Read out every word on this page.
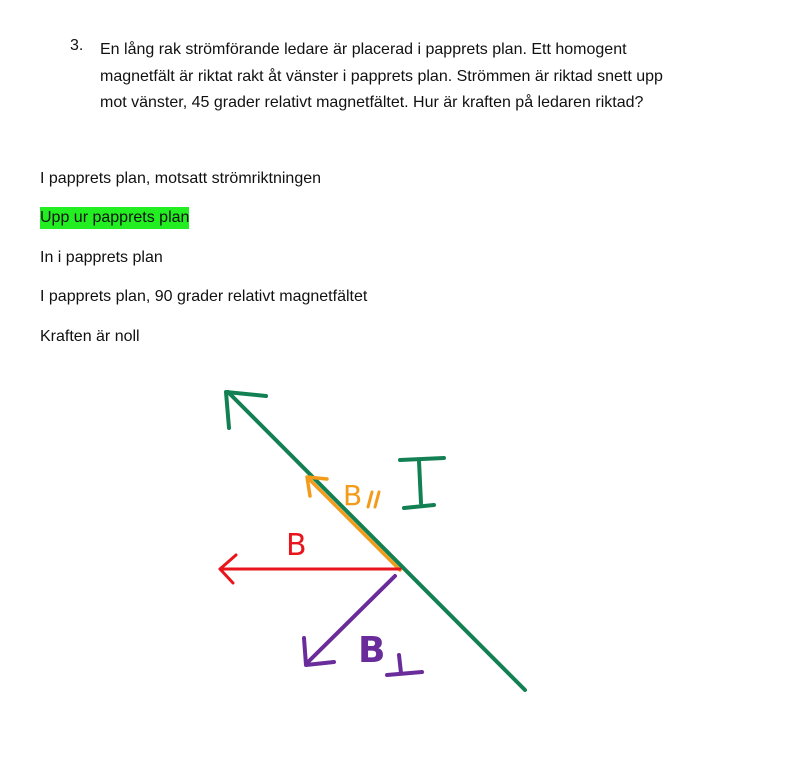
3. En lång rak strömförande ledare är placerad i papprets plan. Ett homogent
magnetfält är riktat rakt åt vänster i papprets plan. Strömmen är riktad snett upp
mot vänster, 45 grader relativt magnetfältet. Hur är kraften på ledaren riktad?
I papprets plan, motsatt strömriktningen
Upp ur papprets plan
In i papprets plan
I papprets plan, 90 grader relativt magnetfältet
Kraften är noll
B
B
B
